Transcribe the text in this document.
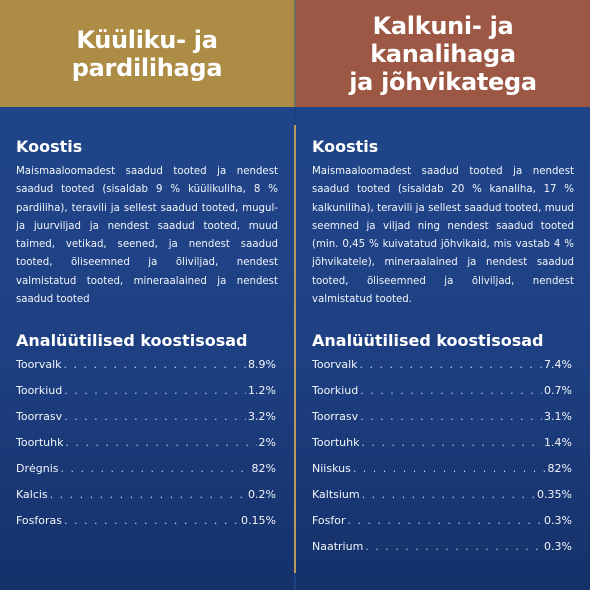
Küüliku- ja
pardilihaga
Koostis
Maismaaloomadest saadud tooted ja nendest saadud tooted (sisaldab 9 % küülikuliha, 8 % pardiliha), teravili ja sellest saadud tooted, mugul- ja juurviljad ja nendest saadud tooted, muud taimed, vetikad, seened, ja nendest saadud tooted, õliseemned ja õliviljad, nendest valmistatud tooted, mineraalained ja nendest saadud tooted
Analüütilised koostisosad
Toorvalk . . .	8.9%
Toorkiud . . .	1.2%
Toorrasv . . .	3.2%
Toortuhk . . .	2%
Drėgnis . . .	82%
Kalcis . . .	0.2%
Fosforas . . .	0.15%
Kalkuni- ja
kanalihaga
ja jõhvikategа
Koostis
Maismaaloomadest saadud tooted ja nendest saadud tooted (sisaldab 20 % kanaliha, 17 % kalkuniliha), teravili ja sellest saadud tooted, muud seemned ja viljad ning nendest saadud tooted (min. 0,45 % kuivatatud jõhvikaid, mis vastab 4 % jõhvikatele), mineraalained ja nendest saadud tooted, õliseemned ja õliviljad, nendest valmistatud tooted.
Analüütilised koostisosad
Toorvalk . . .	7.4%
Toorkiud . . .	0.7%
Toorrasv . . .	3.1%
Toortuhk . . .	1.4%
Niiskus . . .	82%
Kaltsium . . .	0.35%
Fosfor . . .	0.3%
Naatrium . . .	0.3%
